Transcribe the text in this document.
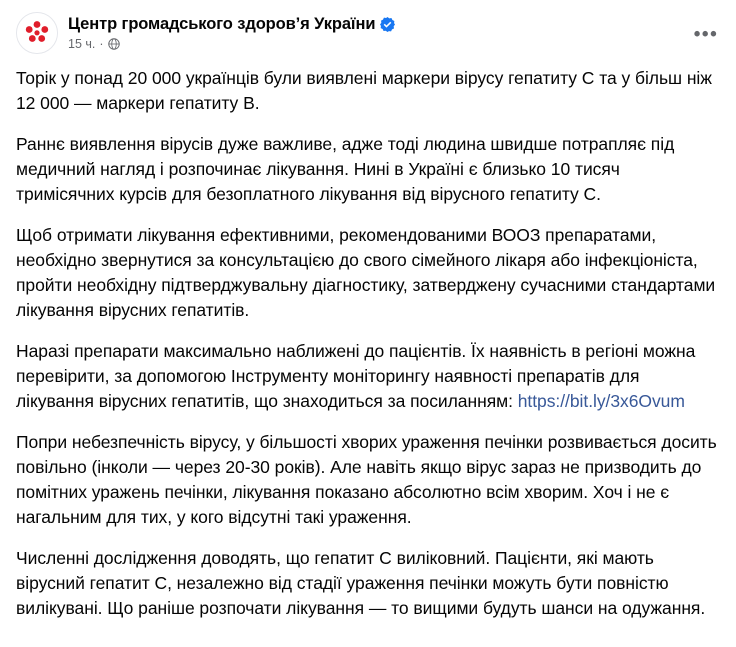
Центр громадського здоров’я України
15 ч. ·	•••

Торік у понад 20 000 українців були виявлені маркери вірусу гепатиту С та у більш ніж 12 000 — маркери гепатиту B.

Раннє виявлення вірусів дуже важливе, адже тоді людина швидше потрапляє під медичний нагляд і розпочинає лікування. Нині в Україні є близько 10 тисяч тримісячних курсів для безоплатного лікування від вірусного гепатиту С.

Щоб отримати лікування ефективними, рекомендованими ВООЗ препаратами, необхідно звернутися за консультацією до свого сімейного лікаря або інфекціоніста, пройти необхідну підтверджувальну діагностику, затверджену сучасними стандартами лікування вірусних гепатитів.

Наразі препарати максимально наближені до пацієнтів. Їх наявність в регіоні можна перевірити, за допомогою Інструменту моніторингу наявності препаратів для лікування вірусних гепатитів, що знаходиться за посиланням: https://bit.ly/3x6Ovum

Попри небезпечність вірусу, у більшості хворих ураження печінки розвивається досить повільно (інколи — через 20-30 років). Але навіть якщо вірус зараз не призводить до помітних уражень печінки, лікування показано абсолютно всім хворим. Хоч і не є нагальним для тих, у кого відсутні такі ураження.

Численні дослідження доводять, що гепатит С виліковний. Пацієнти, які мають вірусний гепатит С, незалежно від стадії ураження печінки можуть бути повністю вилікувані. Що раніше розпочати лікування — то вищими будуть шанси на одужання.
